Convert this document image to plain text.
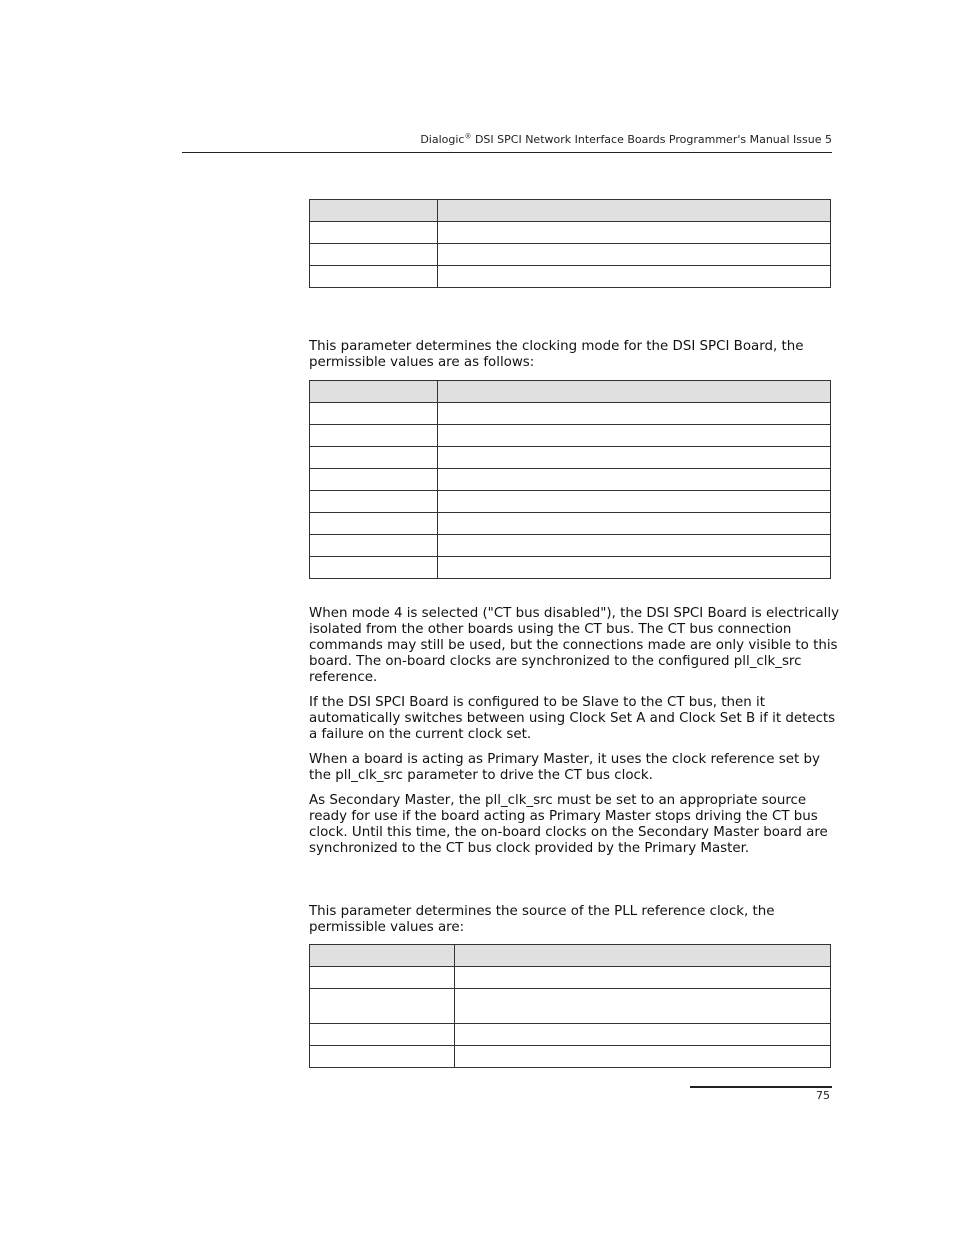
Dialogic® DSI SPCI Network Interface Boards Programmer's Manual Issue 5

This parameter determines the clocking mode for the DSI SPCI Board, the permissible values are as follows:

When mode 4 is selected ("CT bus disabled"), the DSI SPCI Board is electrically isolated from the other boards using the CT bus. The CT bus connection commands may still be used, but the connections made are only visible to this board. The on-board clocks are synchronized to the configured pll_clk_src reference.

If the DSI SPCI Board is configured to be Slave to the CT bus, then it automatically switches between using Clock Set A and Clock Set B if it detects a failure on the current clock set.

When a board is acting as Primary Master, it uses the clock reference set by the pll_clk_src parameter to drive the CT bus clock.

As Secondary Master, the pll_clk_src must be set to an appropriate source ready for use if the board acting as Primary Master stops driving the CT bus clock. Until this time, the on-board clocks on the Secondary Master board are synchronized to the CT bus clock provided by the Primary Master.

This parameter determines the source of the PLL reference clock, the permissible values are:

75
